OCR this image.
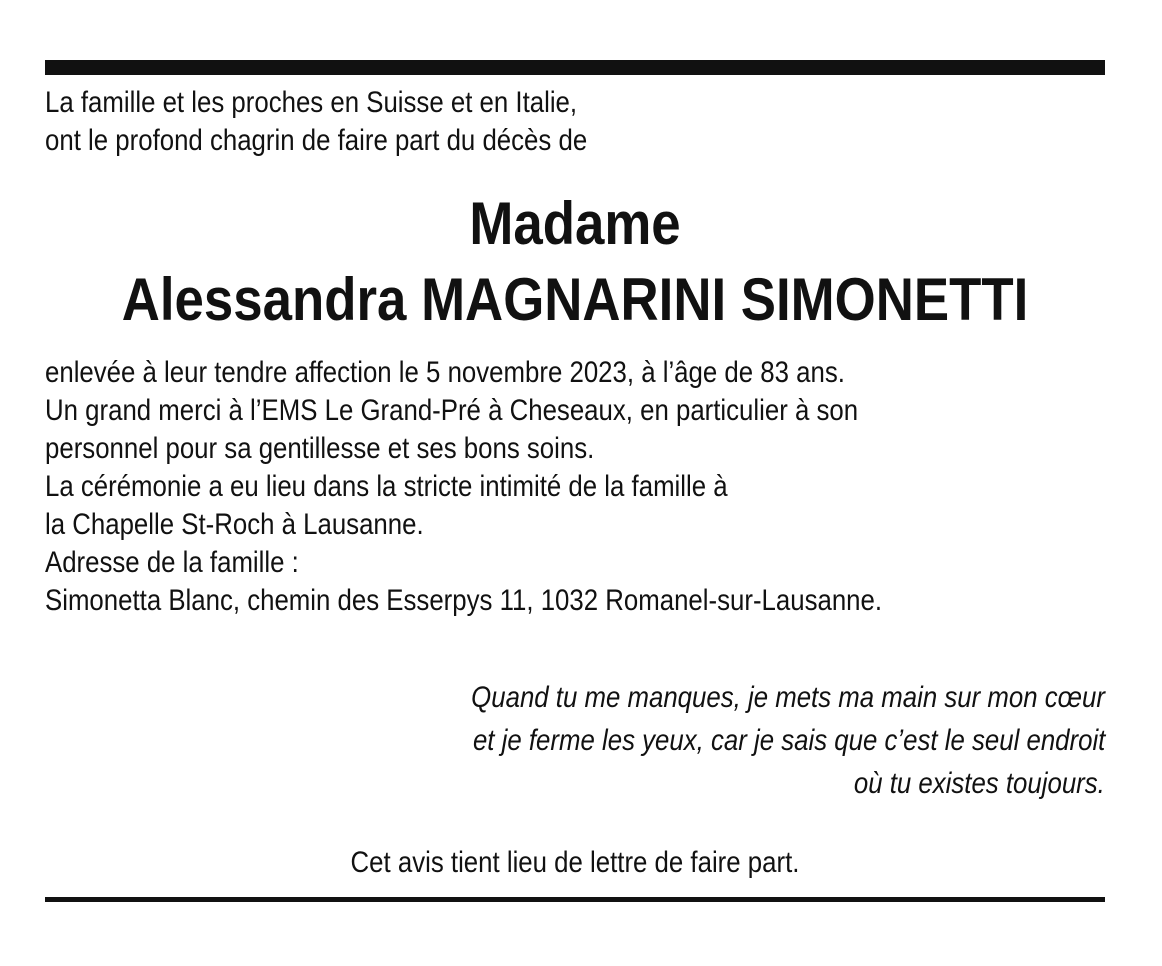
La famille et les proches en Suisse et en Italie,
ont le profond chagrin de faire part du décès de
Madame
Alessandra MAGNARINI SIMONETTI
enlevée à leur tendre affection le 5 novembre 2023, à l’âge de 83 ans.
Un grand merci à l’EMS Le Grand-Pré à Cheseaux, en particulier à son
personnel pour sa gentillesse et ses bons soins.
La cérémonie a eu lieu dans la stricte intimité de la famille à
la Chapelle St-Roch à Lausanne.
Adresse de la famille :
Simonetta Blanc, chemin des Esserpys 11, 1032 Romanel-sur-Lausanne.
Quand tu me manques, je mets ma main sur mon cœur
et je ferme les yeux, car je sais que c’est le seul endroit
où tu existes toujours.
Cet avis tient lieu de lettre de faire part.
